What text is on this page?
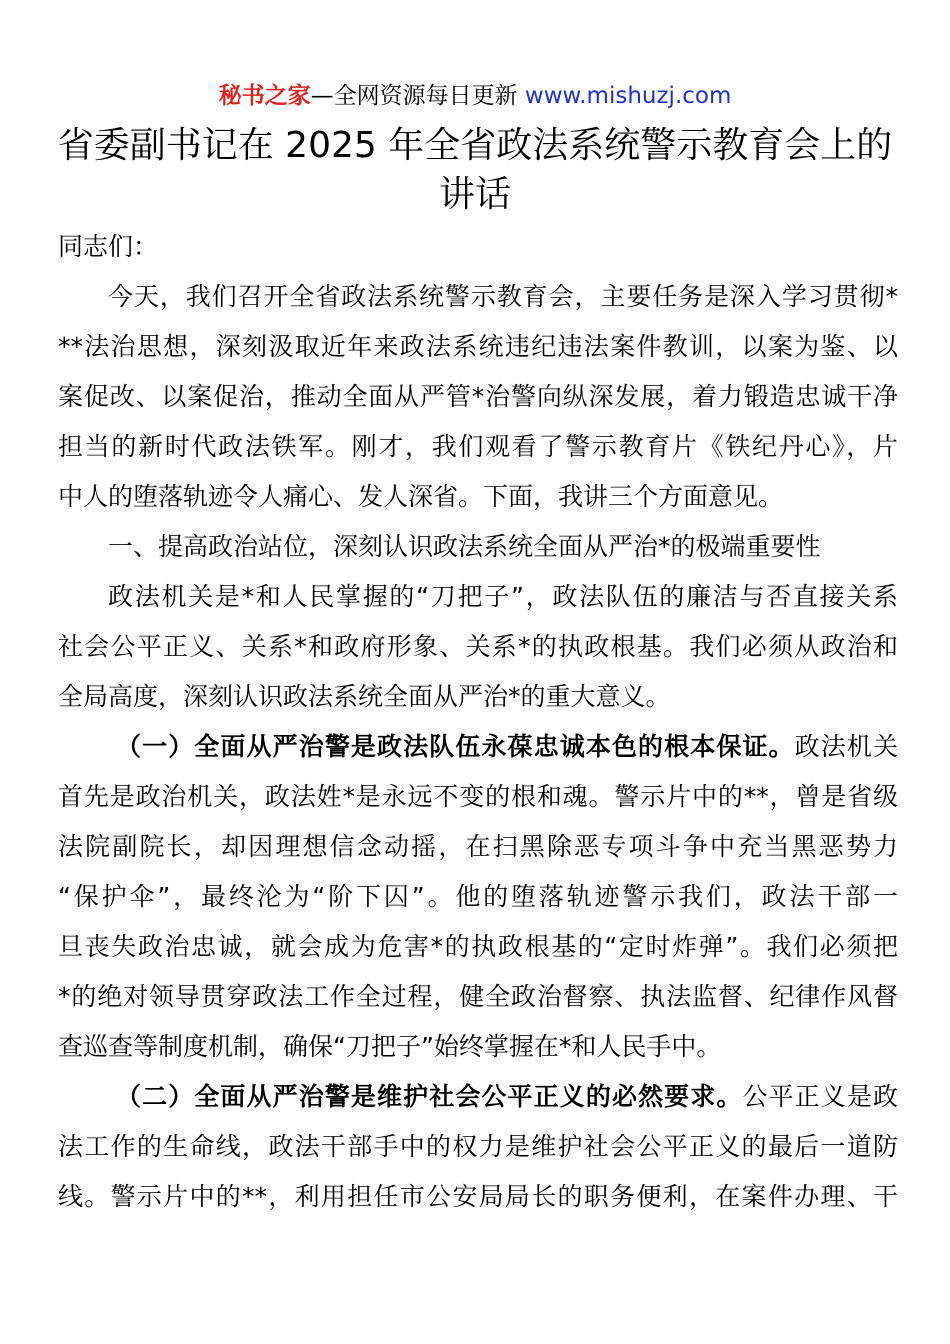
秘书之家—全网资源每日更新 www.mishuzj.com
省委副书记在 2025 年全省政法系统警示教育会上的
讲话
同志们：
今天，我们召开全省政法系统警示教育会，主要任务是深入学习贯彻*
**法治思想，深刻汲取近年来政法系统违纪违法案件教训，以案为鉴、以
案促改、以案促治，推动全面从严管*治警向纵深发展，着力锻造忠诚干净
担当的新时代政法铁军。刚才，我们观看了警示教育片《铁纪丹心》，片
中人的堕落轨迹令人痛心、发人深省。下面，我讲三个方面意见。
一、提高政治站位，深刻认识政法系统全面从严治*的极端重要性
政法机关是*和人民掌握的“刀把子”，政法队伍的廉洁与否直接关系
社会公平正义、关系*和政府形象、关系*的执政根基。我们必须从政治和
全局高度，深刻认识政法系统全面从严治*的重大意义。
（一）全面从严治警是政法队伍永葆忠诚本色的根本保证。政法机关
首先是政治机关，政法姓*是永远不变的根和魂。警示片中的**，曾是省级
法院副院长，却因理想信念动摇，在扫黑除恶专项斗争中充当黑恶势力
“保护伞”，最终沦为“阶下囚”。他的堕落轨迹警示我们，政法干部一
旦丧失政治忠诚，就会成为危害*的执政根基的“定时炸弹”。我们必须把
*的绝对领导贯穿政法工作全过程，健全政治督察、执法监督、纪律作风督
查巡查等制度机制，确保“刀把子”始终掌握在*和人民手中。
（二）全面从严治警是维护社会公平正义的必然要求。公平正义是政
法工作的生命线，政法干部手中的权力是维护社会公平正义的最后一道防
线。警示片中的**，利用担任市公安局局长的职务便利，在案件办理、干
